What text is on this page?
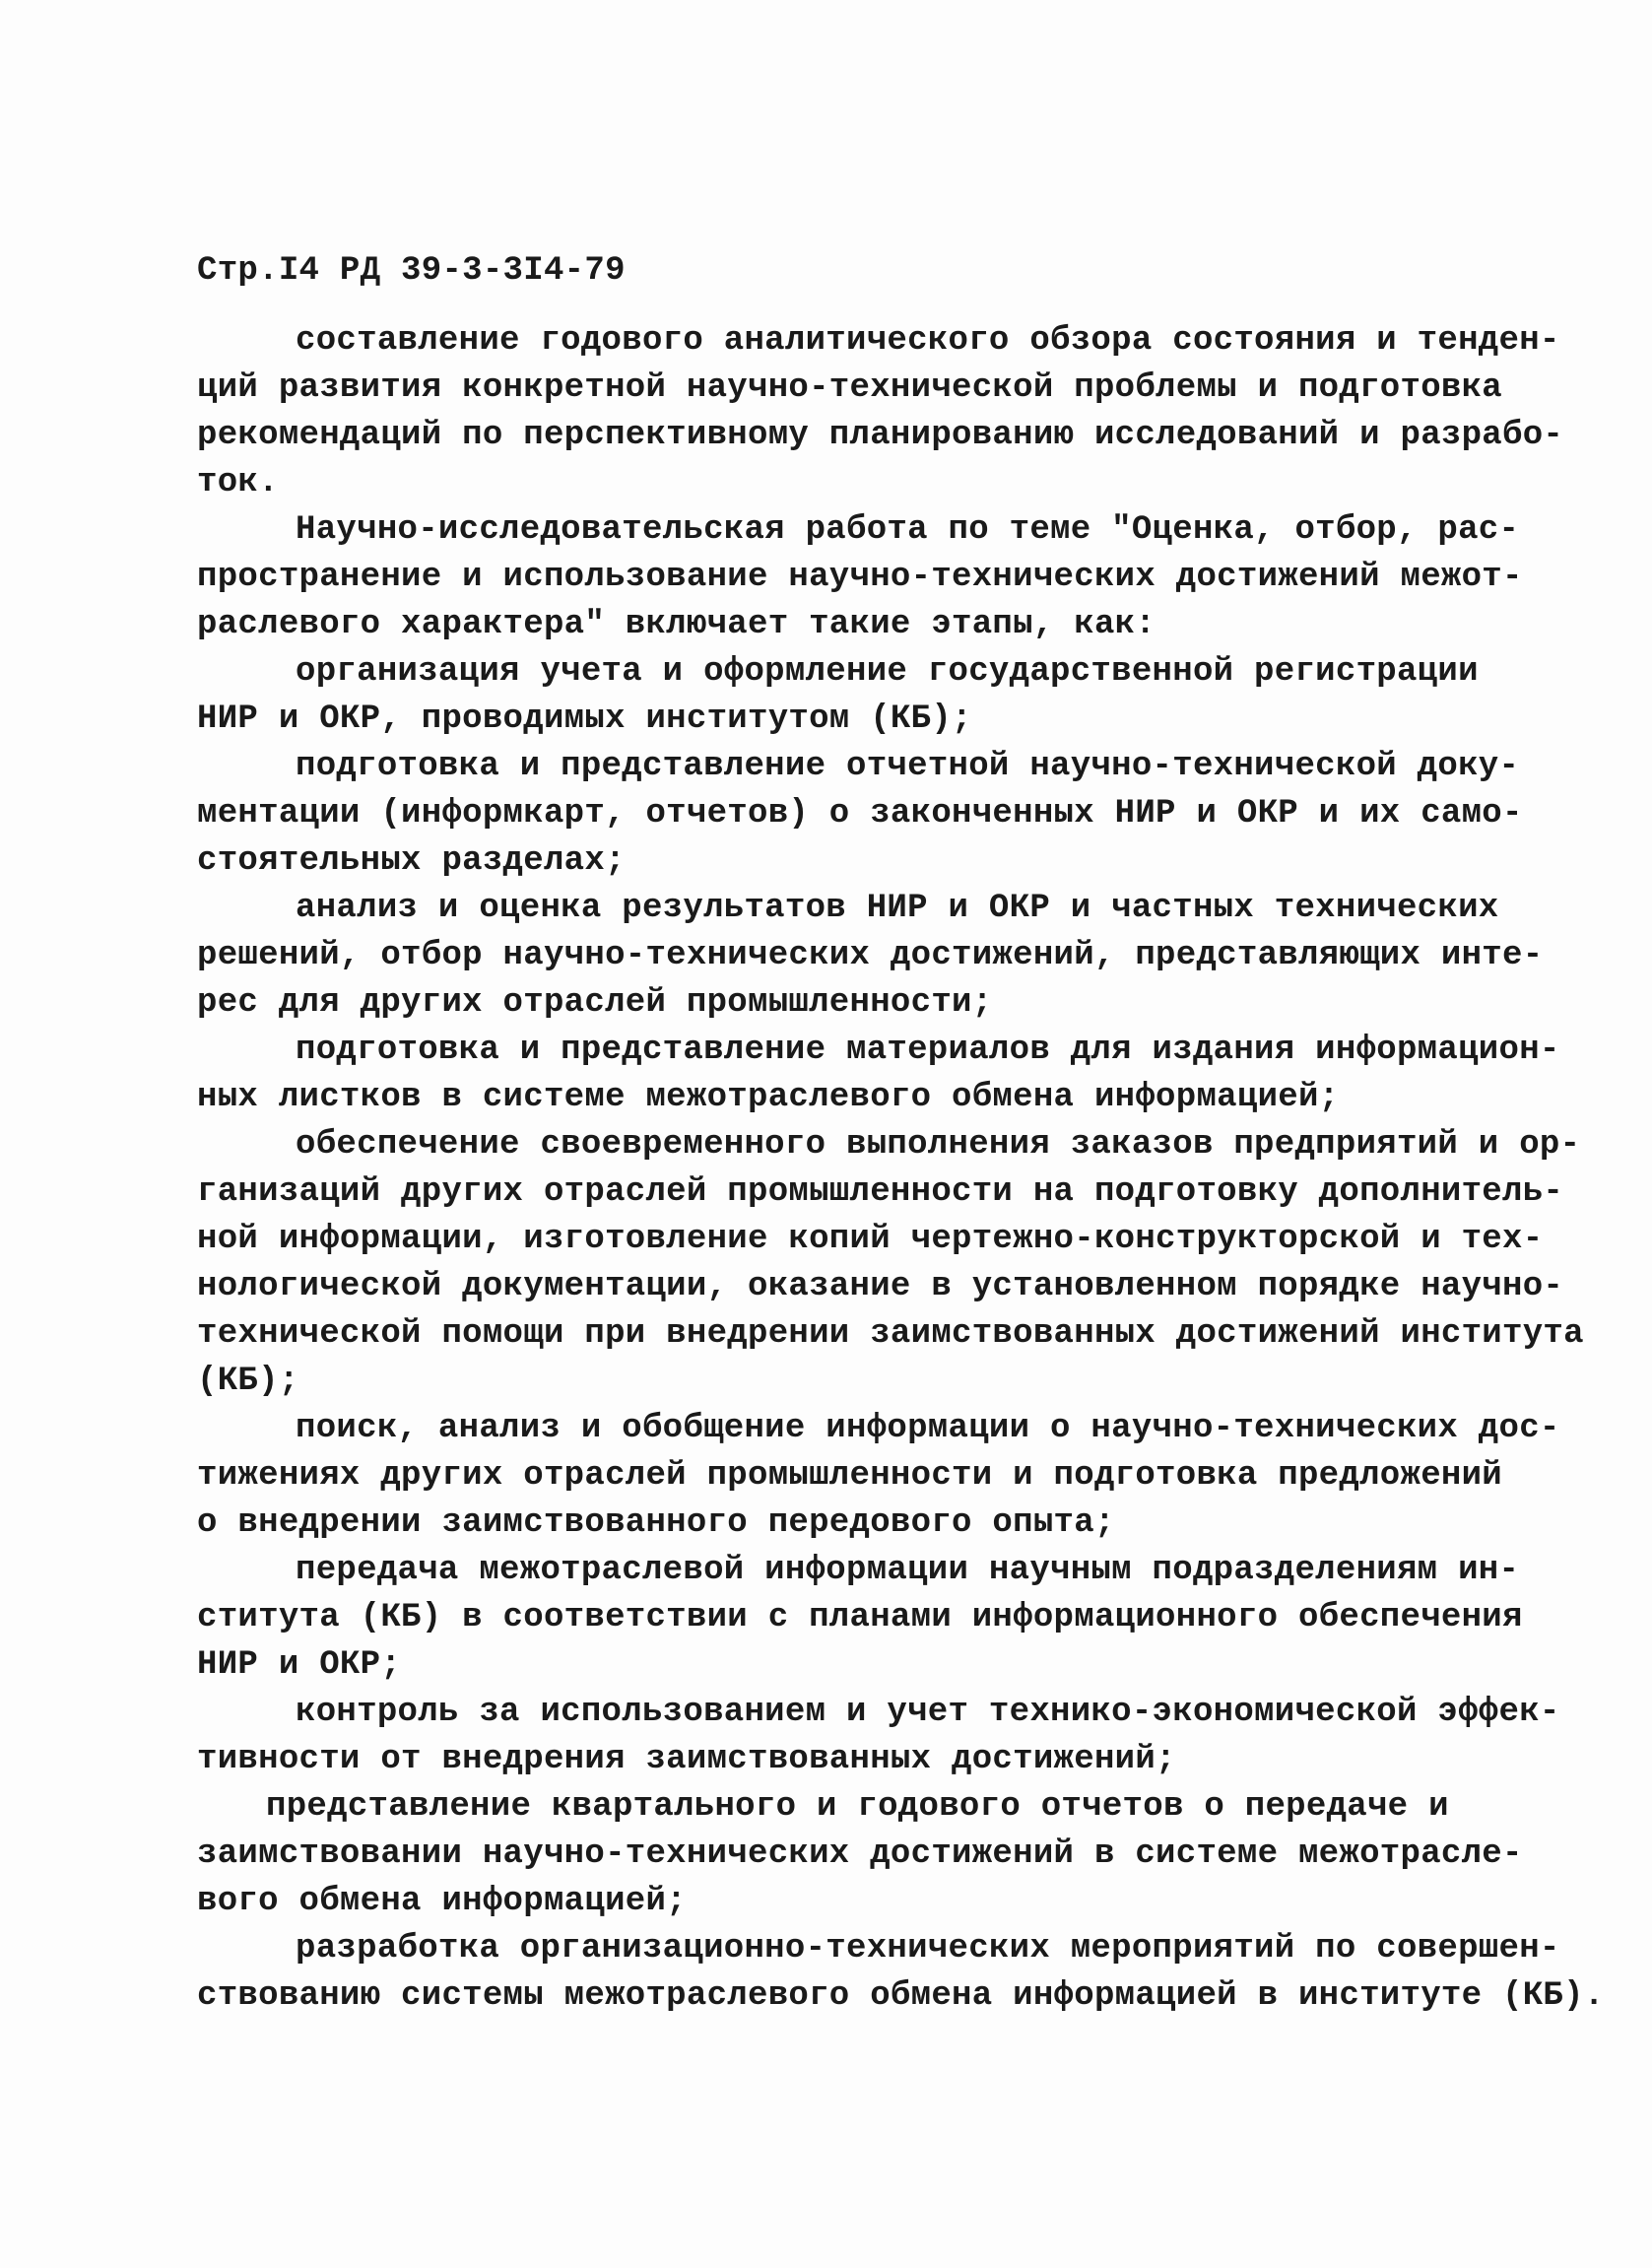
Стр.I4 РД 39-3-3I4-79

составление годового аналитического обзора состояния и тенден-
ций развития конкретной научно-технической проблемы и подготовка
рекомендаций по перспективному планированию исследований и разрабо-
ток.

Научно-исследовательская работа по теме "Оценка, отбор, рас-
пространение и использование научно-технических достижений межот-
раслевого характера" включает такие этапы, как:

организация учета и оформление государственной регистрации
НИР и ОКР, проводимых институтом (КБ);

подготовка и представление отчетной научно-технической доку-
ментации (информкарт, отчетов) о законченных НИР и ОКР и их само-
стоятельных разделах;

анализ и оценка результатов НИР и ОКР и частных технических
решений, отбор научно-технических достижений, представляющих инте-
рес для других отраслей промышленности;

подготовка и представление материалов для издания информацион-
ных листков в системе межотраслевого обмена информацией;

обеспечение своевременного выполнения заказов предприятий и ор-
ганизаций других отраслей промышленности на подготовку дополнитель-
ной информации, изготовление копий чертежно-конструкторской и тех-
нологической документации, оказание в установленном порядке научно-
технической помощи при внедрении заимствованных достижений института
(КБ);

поиск, анализ и обобщение информации о научно-технических дос-
тижениях других отраслей промышленности и подготовка предложений
о внедрении заимствованного передового опыта;

передача межотраслевой информации научным подразделениям ин-
ститута (КБ) в соответствии с планами информационного обеспечения
НИР и ОКР;

контроль за использованием и учет технико-экономической эффек-
тивности от внедрения заимствованных достижений;

представление квартального и годового отчетов о передаче и
заимствовании научно-технических достижений в системе межотрасле-
вого обмена информацией;

разработка организационно-технических мероприятий по совершен-
ствованию системы межотраслевого обмена информацией в институте (КБ).
